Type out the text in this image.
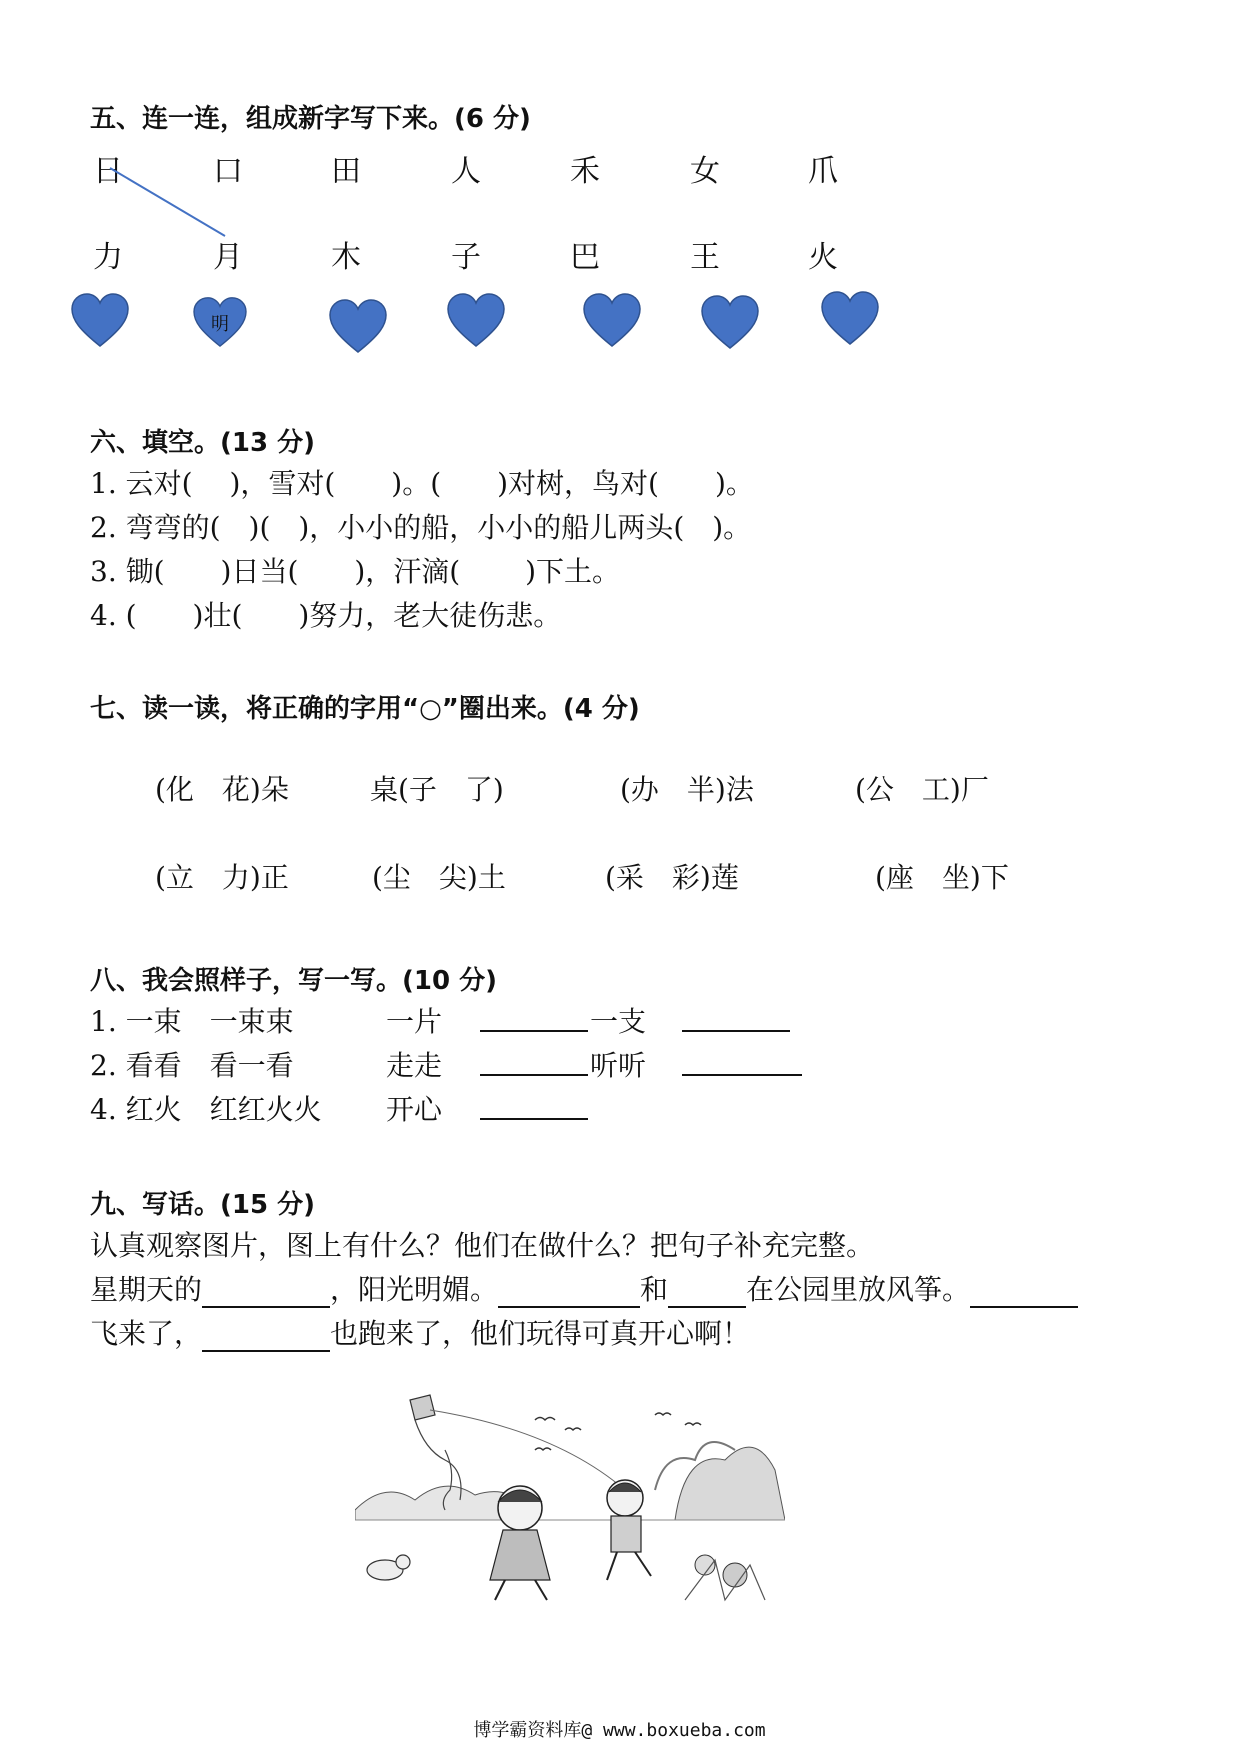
五、连一连，组成新字写下来。(6 分)
日	口	田	人	禾	女	爪
力	月	木	子	巴	王	火
明
六、填空。(13 分)
1. 云对(　 )，雪对(　　)。(　　)对树，鸟对(　　)。
2. 弯弯的(　)(　)，小小的船，小小的船儿两头(　)。
3. 锄(　　)日当(　　)，汗滴(　　 )下土。
4. (　　)壮(　　)努力，老大徒伤悲。
七、读一读，将正确的字用“○”圈出来。(4 分)
(化　花)朵	桌(子　了)	(办　半)法	(公　工)厂
(立　力)正	(尘　尖)土	(采　彩)莲	(座　坐)下
八、我会照样子，写一写。(10 分)
1. 一束　一束束	一片	一支
2. 看看　看一看	走走	听听
4. 红火　红红火火 开心
九、写话。(15 分)
认真观察图片，图上有什么？他们在做什么？把句子补充完整。
星期天的	，阳光明媚。	和	在公园里放风筝。
飞来了，	也跑来了，他们玩得可真开心啊！
博学霸资料库@ www.boxueba.com
